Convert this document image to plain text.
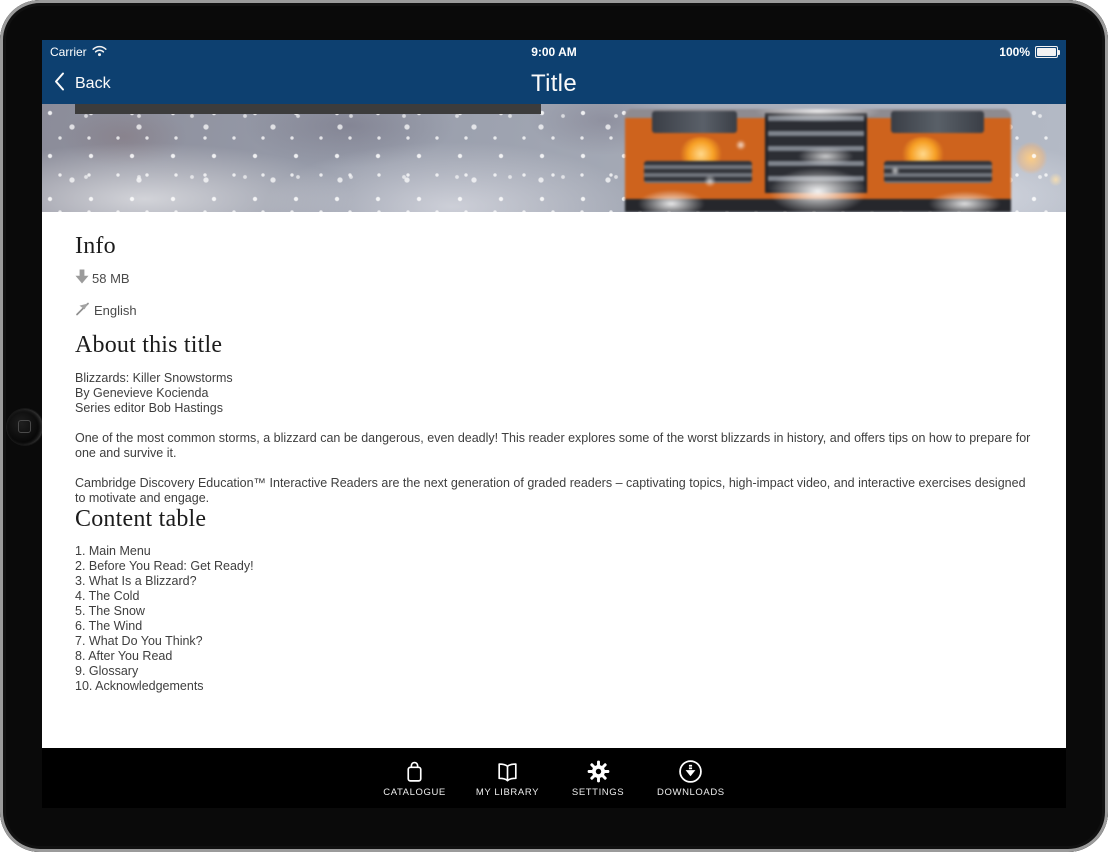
Carrier	9:00 AM	100%
Back	Title
Info
58 MB
English
About this title
Blizzards: Killer Snowstorms
By Genevieve Kocienda
Series editor Bob Hastings

One of the most common storms, a blizzard can be dangerous, even deadly! This reader explores some of the worst blizzards in history, and offers tips on how to prepare for one and survive it.

Cambridge Discovery Education™ Interactive Readers are the next generation of graded readers – captivating topics, high-impact video, and interactive exercises designed to motivate and engage.

Content table
1. Main Menu
2. Before You Read: Get Ready!
3. What Is a Blizzard?
4. The Cold
5. The Snow
6. The Wind
7. What Do You Think?
8. After You Read
9. Glossary
10. Acknowledgements
CATALOGUE	MY LIBRARY	SETTINGS	DOWNLOADS
